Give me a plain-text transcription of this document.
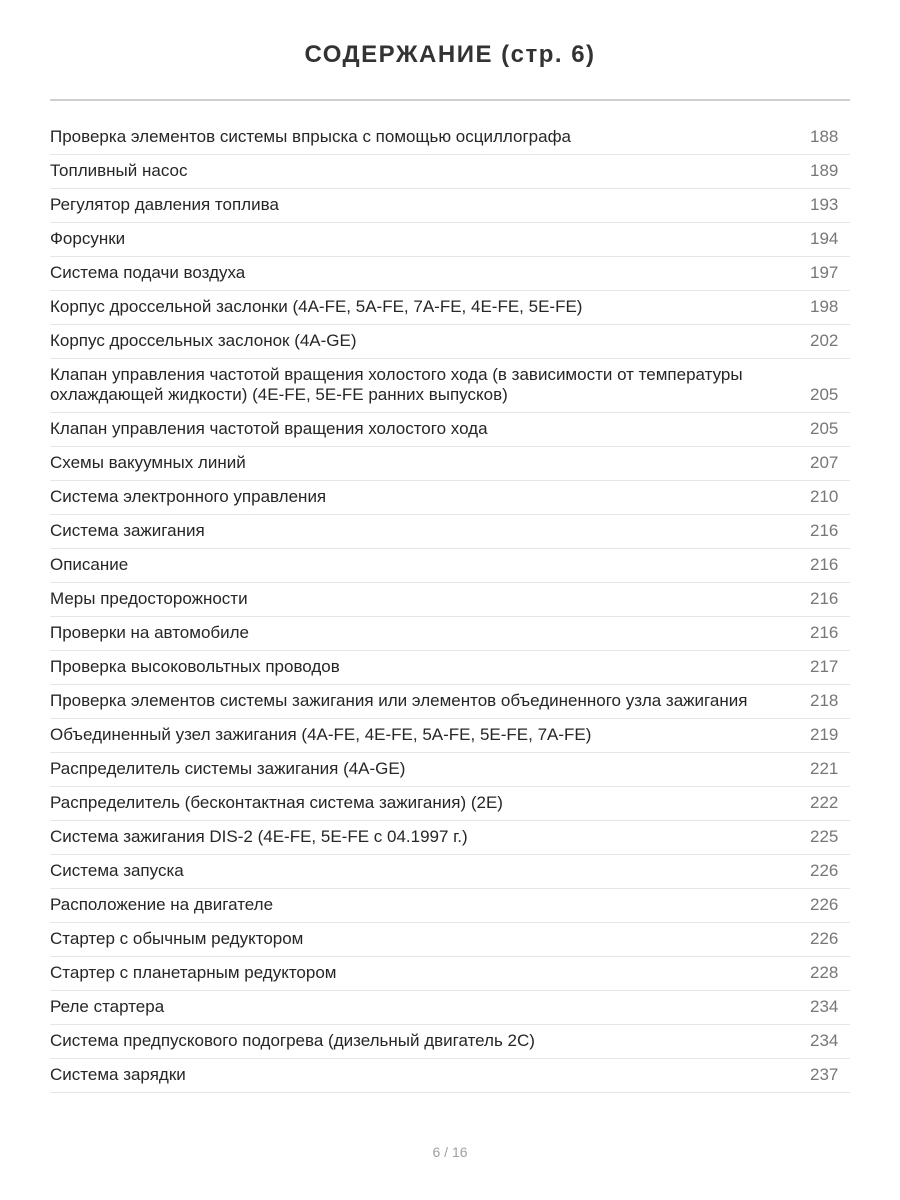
СОДЕРЖАНИЕ (стр. 6)
Проверка элементов системы впрыска с помощью осциллографа	188
Топливный насос	189
Регулятор давления топлива	193
Форсунки	194
Система подачи воздуха	197
Корпус дроссельной заслонки (4A-FE, 5A-FE, 7A-FE, 4E-FE, 5E-FE)	198
Корпус дроссельных заслонок (4A-GE)	202
Клапан управления частотой вращения холостого хода (в зависимости от температуры охлаждающей жидкости) (4E-FE, 5E-FE ранних выпусков)	205
Клапан управления частотой вращения холостого хода	205
Схемы вакуумных линий	207
Система электронного управления	210
Система зажигания	216
Описание	216
Меры предосторожности	216
Проверки на автомобиле	216
Проверка высоковольтных проводов	217
Проверка элементов системы зажигания или элементов объединенного узла зажигания	218
Объединенный узел зажигания (4A-FE, 4E-FE, 5A-FE, 5E-FE, 7A-FE)	219
Распределитель системы зажигания (4A-GE)	221
Распределитель (бесконтактная система зажигания) (2E)	222
Система зажигания DIS-2 (4E-FE, 5E-FE с 04.1997 г.)	225
Система запуска	226
Расположение на двигателе	226
Стартер с обычным редуктором	226
Стартер с планетарным редуктором	228
Реле стартера	234
Система предпускового подогрева (дизельный двигатель 2C)	234
Система зарядки	237
6 / 16
